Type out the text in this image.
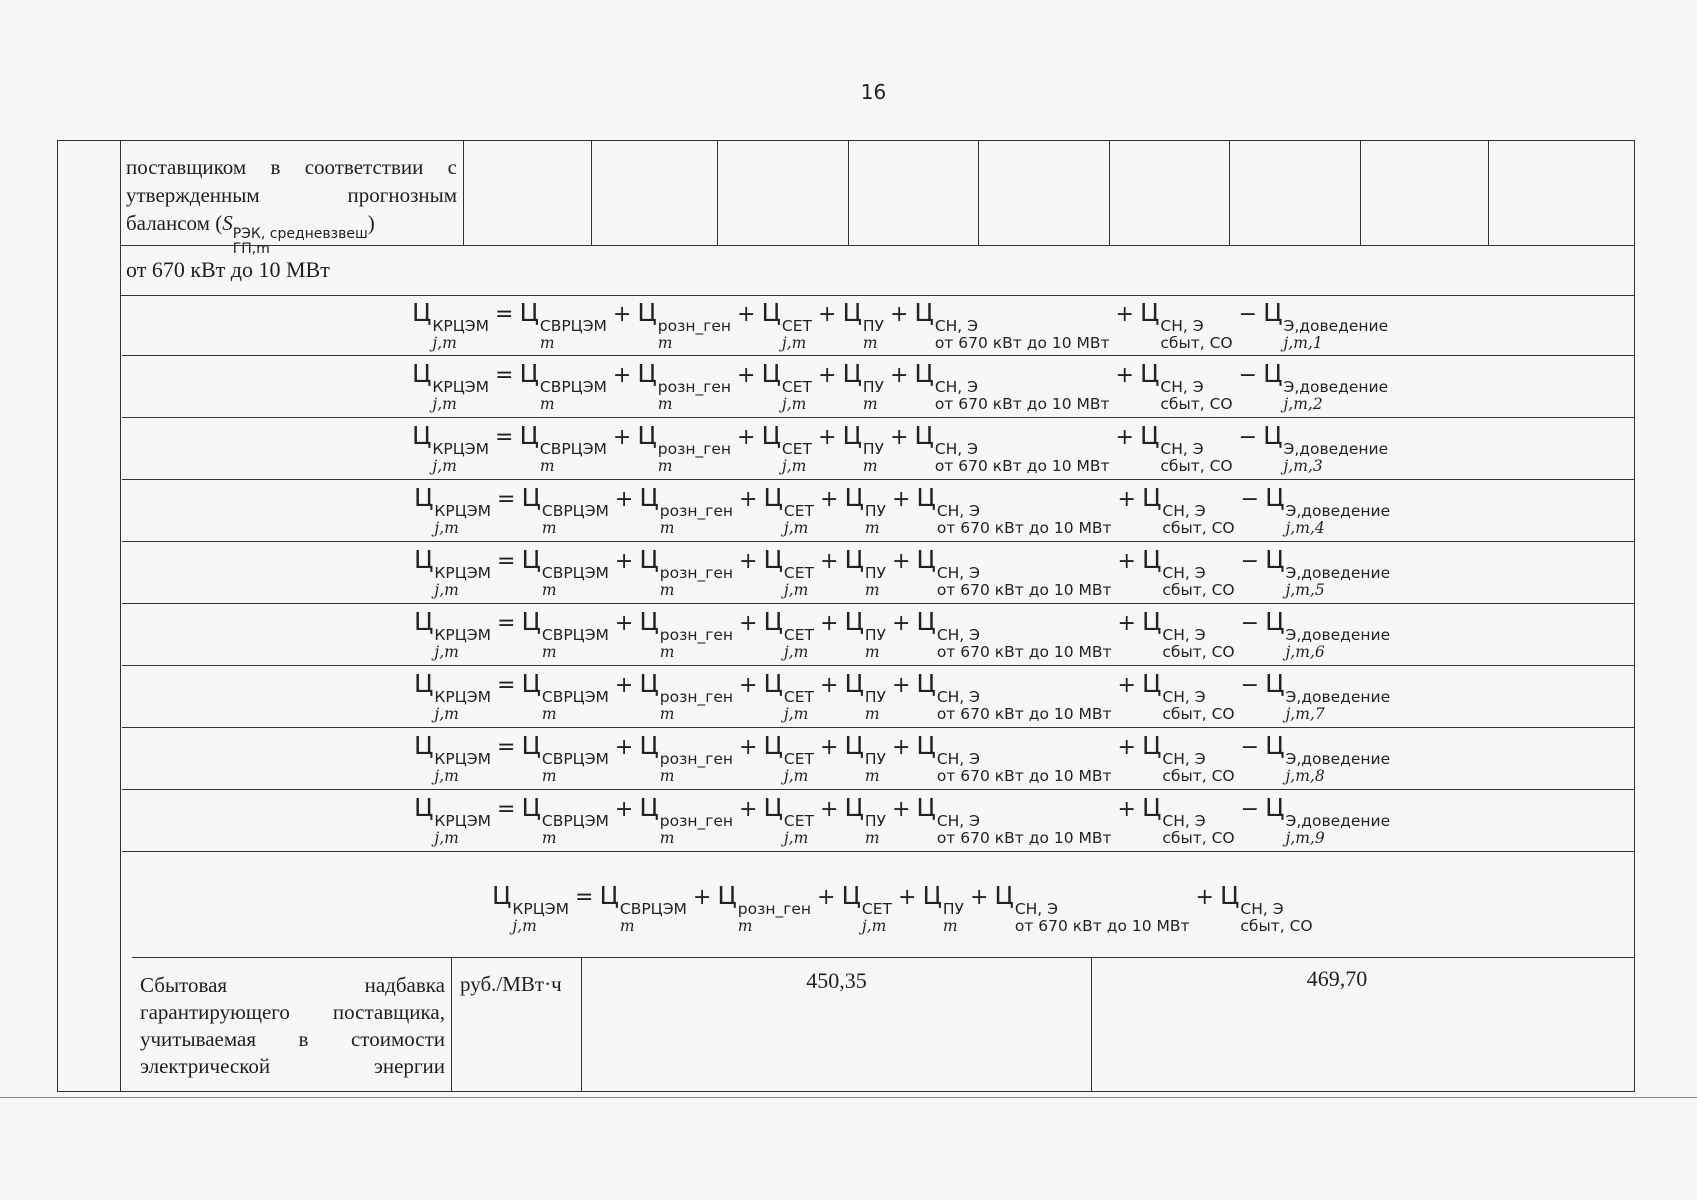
16
поставщиком в соответствии с
утвержденным прогнозным
балансом (S РЭК, средневзвеш
ГП,m
)
от 670 кВт до 10 МВт
Ц КРЦЭМ
j,m
= Ц СВРЦЭМ
m
+ Ц розн_ген
m
+ Ц СЕТ
j,m
+ Ц ПУ
m
+ Ц СН, Э
от 670 кВт до 10 МВт
+ Ц СН, Э
сбыт, СО
− Ц Э,доведение
j,m,1
Ц КРЦЭМ
j,m
= Ц СВРЦЭМ
m
+ Ц розн_ген
m
+ Ц СЕТ
j,m
+ Ц ПУ
m
+ Ц СН, Э
от 670 кВт до 10 МВт
+ Ц СН, Э
сбыт, СО
− Ц Э,доведение
j,m,2
Ц КРЦЭМ
j,m
= Ц СВРЦЭМ
m
+ Ц розн_ген
m
+ Ц СЕТ
j,m
+ Ц ПУ
m
+ Ц СН, Э
от 670 кВт до 10 МВт
+ Ц СН, Э
сбыт, СО
− Ц Э,доведение
j,m,3
Ц КРЦЭМ
j,m
= Ц СВРЦЭМ
m
+ Ц розн_ген
m
+ Ц СЕТ
j,m
+ Ц ПУ
m
+ Ц СН, Э
от 670 кВт до 10 МВт
+ Ц СН, Э
сбыт, СО
− Ц Э,доведение
j,m,4
Ц КРЦЭМ
j,m
= Ц СВРЦЭМ
m
+ Ц розн_ген
m
+ Ц СЕТ
j,m
+ Ц ПУ
m
+ Ц СН, Э
от 670 кВт до 10 МВт
+ Ц СН, Э
сбыт, СО
− Ц Э,доведение
j,m,5
Ц КРЦЭМ
j,m
= Ц СВРЦЭМ
m
+ Ц розн_ген
m
+ Ц СЕТ
j,m
+ Ц ПУ
m
+ Ц СН, Э
от 670 кВт до 10 МВт
+ Ц СН, Э
сбыт, СО
− Ц Э,доведение
j,m,6
Ц КРЦЭМ
j,m
= Ц СВРЦЭМ
m
+ Ц розн_ген
m
+ Ц СЕТ
j,m
+ Ц ПУ
m
+ Ц СН, Э
от 670 кВт до 10 МВт
+ Ц СН, Э
сбыт, СО
− Ц Э,доведение
j,m,7
Ц КРЦЭМ
j,m
= Ц СВРЦЭМ
m
+ Ц розн_ген
m
+ Ц СЕТ
j,m
+ Ц ПУ
m
+ Ц СН, Э
от 670 кВт до 10 МВт
+ Ц СН, Э
сбыт, СО
− Ц Э,доведение
j,m,8
Ц КРЦЭМ
j,m
= Ц СВРЦЭМ
m
+ Ц розн_ген
m
+ Ц СЕТ
j,m
+ Ц ПУ
m
+ Ц СН, Э
от 670 кВт до 10 МВт
+ Ц СН, Э
сбыт, СО
− Ц Э,доведение
j,m,9
Ц КРЦЭМ
j,m
= Ц СВРЦЭМ
m
+ Ц розн_ген
m
+ Ц СЕТ
j,m
+ Ц ПУ
m
+ Ц СН, Э
от 670 кВт до 10 МВт
+ Ц СН, Э
сбыт, СО
Сбытовая надбавка гарантирующего поставщика, учитываемая в стоимости электрической энергии
руб./МВт·ч	450,35	469,70
